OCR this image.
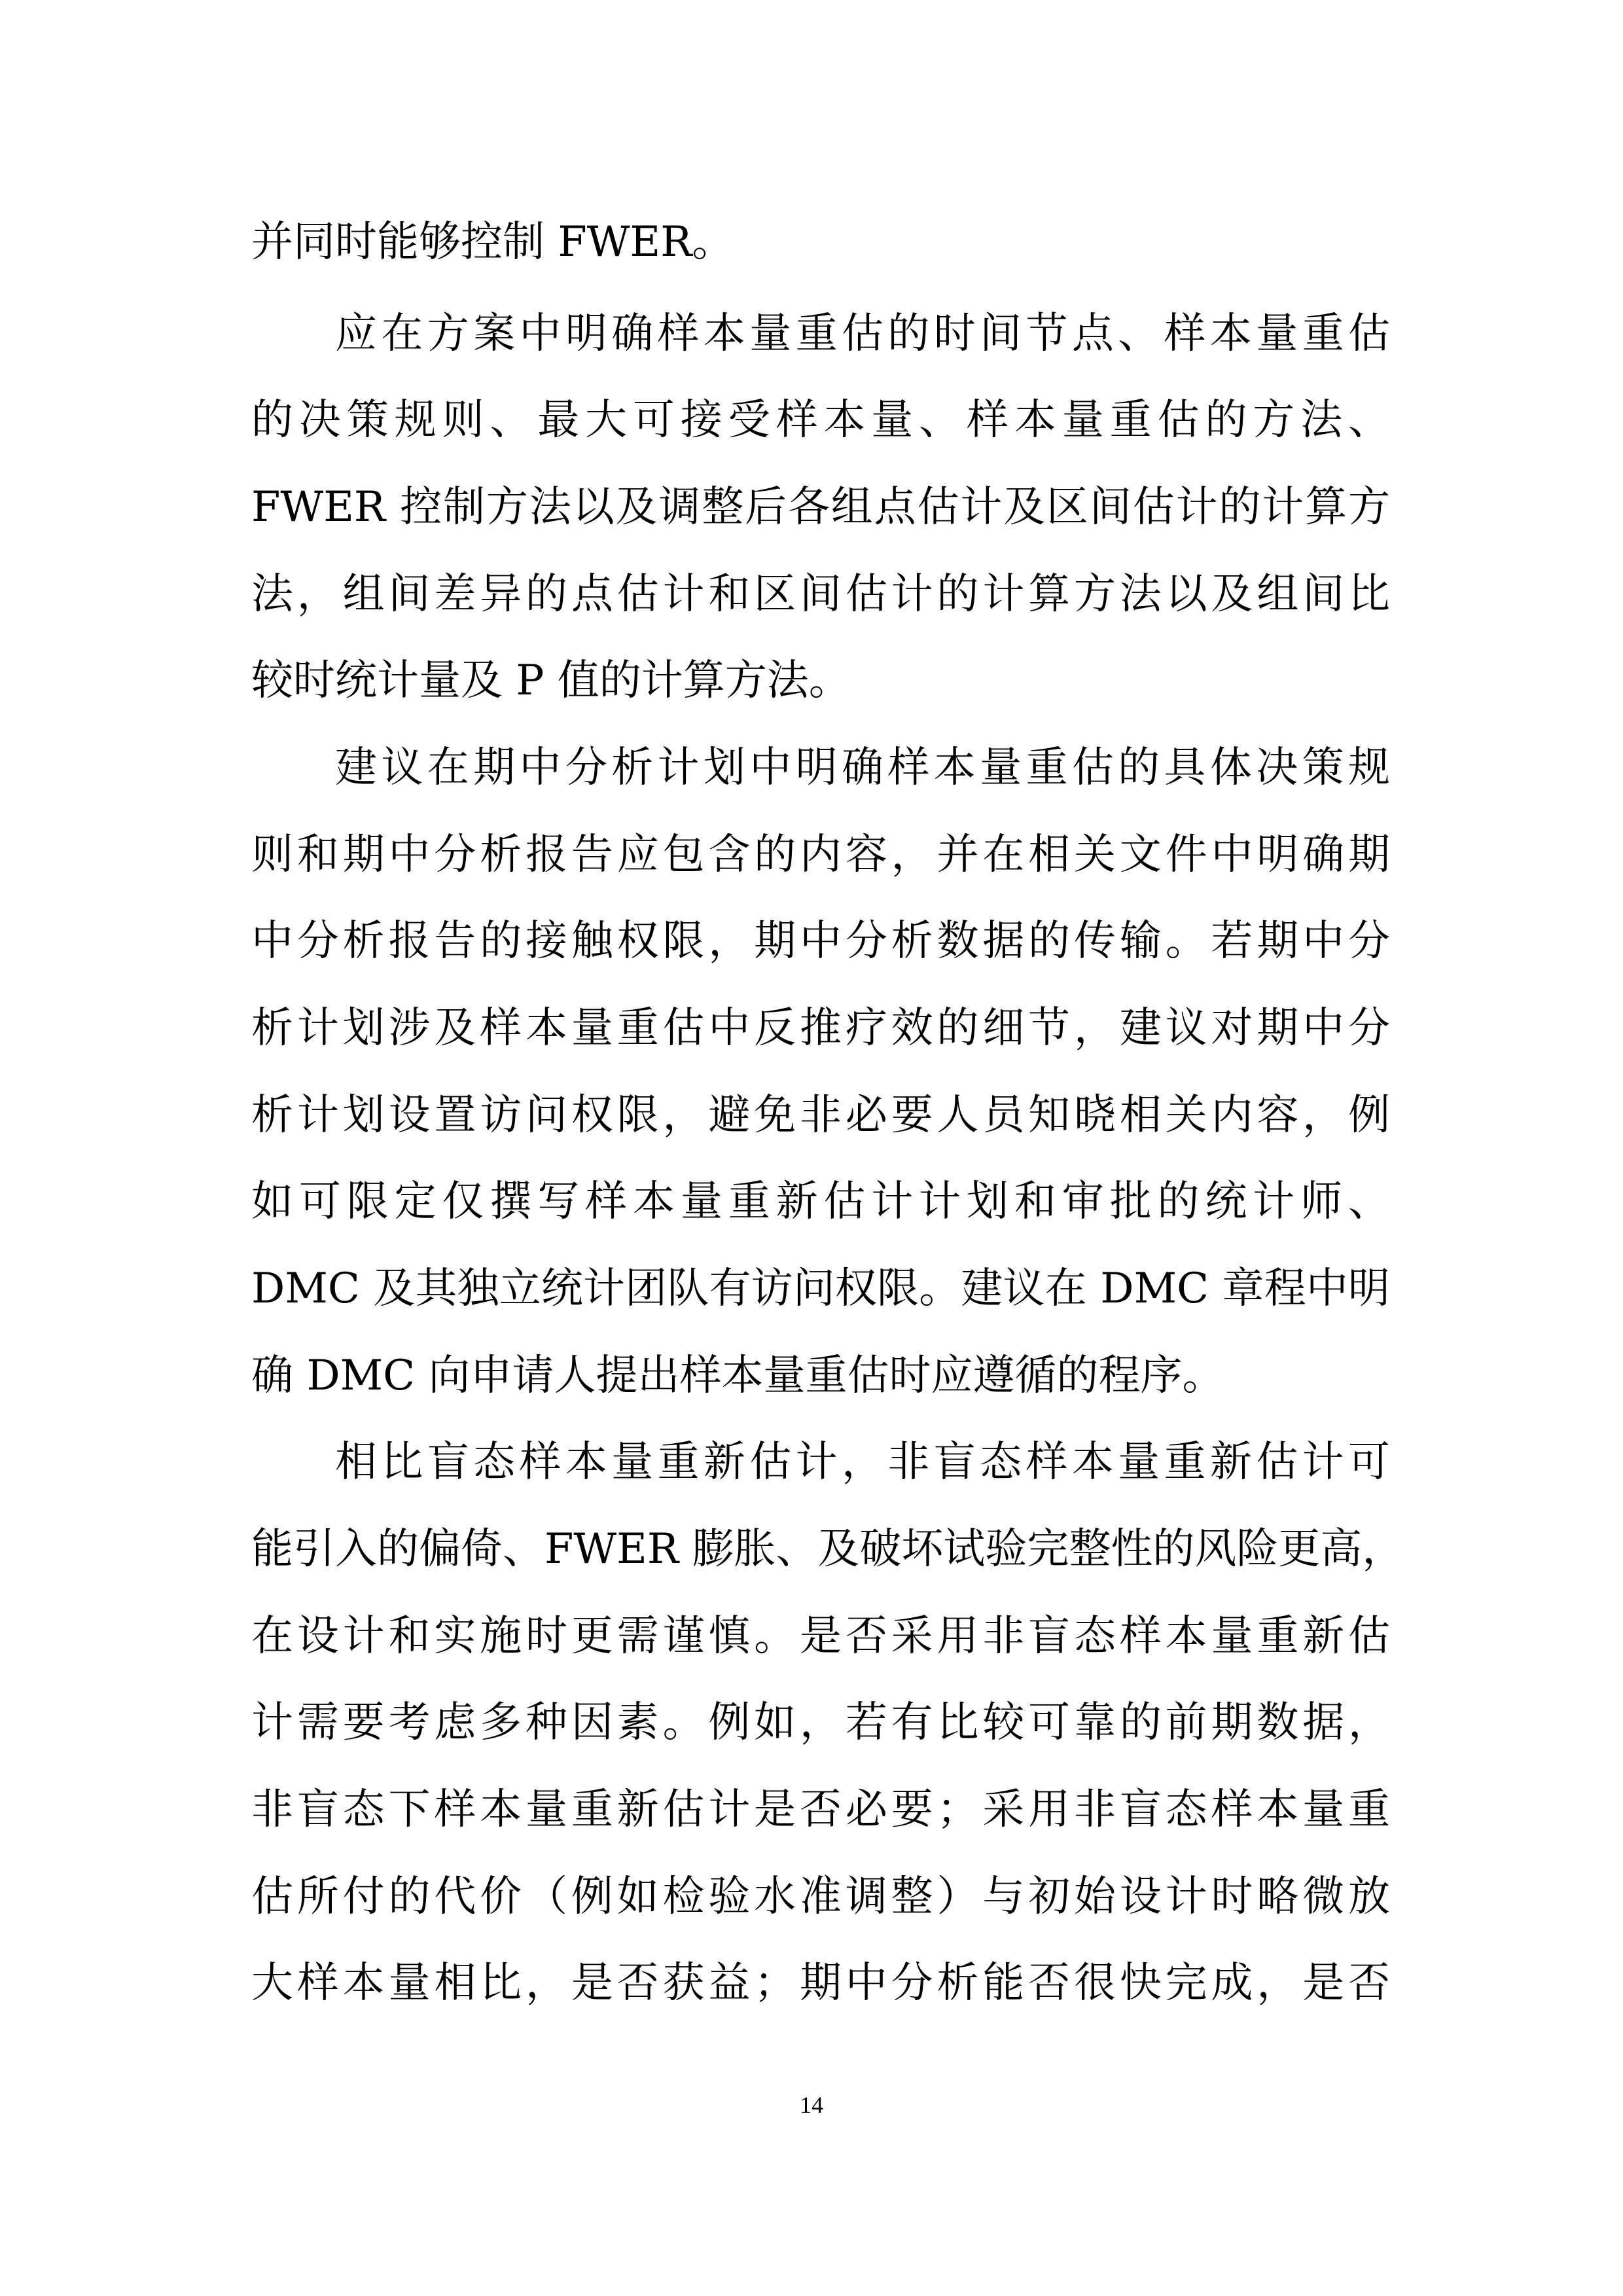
并同时能够控制 FWER。
应在方案中明确样本量重估的时间节点、样本量重估
的决策规则、最大可接受样本量、样本量重估的方法、
FWER 控制方法以及调整后各组点估计及区间估计的计算方
法，组间差异的点估计和区间估计的计算方法以及组间比
较时统计量及 P 值的计算方法。
建议在期中分析计划中明确样本量重估的具体决策规
则和期中分析报告应包含的内容，并在相关文件中明确期
中分析报告的接触权限，期中分析数据的传输。若期中分
析计划涉及样本量重估中反推疗效的细节，建议对期中分
析计划设置访问权限，避免非必要人员知晓相关内容，例
如可限定仅撰写样本量重新估计计划和审批的统计师、
DMC 及其独立统计团队有访问权限。建议在 DMC 章程中明
确 DMC 向申请人提出样本量重估时应遵循的程序。
相比盲态样本量重新估计，非盲态样本量重新估计可
能引入的偏倚、FWER 膨胀、及破坏试验完整性的风险更高，
在设计和实施时更需谨慎。是否采用非盲态样本量重新估
计需要考虑多种因素。例如，若有比较可靠的前期数据，
非盲态下样本量重新估计是否必要；采用非盲态样本量重
估所付的代价（例如检验水准调整）与初始设计时略微放
大样本量相比，是否获益；期中分析能否很快完成，是否
14
